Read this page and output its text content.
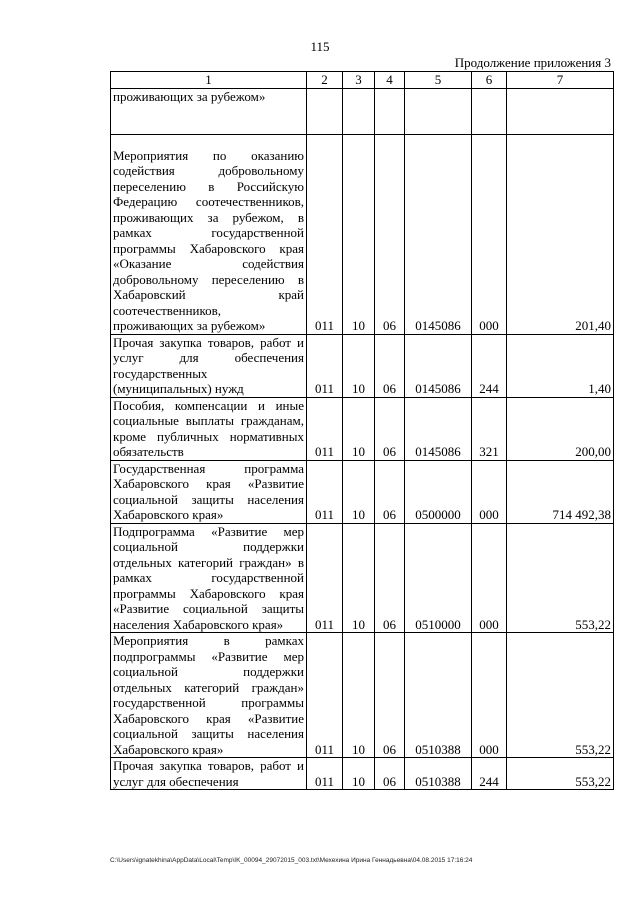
115
Продолжение приложения 3
1	2	3	4	5	6	7
проживающих за рубежом»						
Мероприятия по оказанию содействия добровольному переселению в Российскую Федерацию соотечественников, проживающих за рубежом, в рамках государственной программы Хабаровского края «Оказание содействия добровольному переселению в Хабаровский край соотечественников, проживающих за рубежом»	011	10	06	0145086	000	201,40
Прочая закупка товаров, работ и услуг для обеспечения государственных (муниципальных) нужд	011	10	06	0145086	244	1,40
Пособия, компенсации и иные социальные выплаты гражданам, кроме публичных нормативных обязательств	011	10	06	0145086	321	200,00
Государственная программа Хабаровского края «Развитие социальной защиты населения Хабаровского края»	011	10	06	0500000	000	714 492,38
Подпрограмма «Развитие мер социальной поддержки отдельных категорий граждан» в рамках государственной программы Хабаровского края «Развитие социальной защиты населения Хабаровского края»	011	10	06	0510000	000	553,22
Мероприятия в рамках подпрограммы «Развитие мер социальной поддержки отдельных категорий граждан» государственной программы Хабаровского края «Развитие социальной защиты населения Хабаровского края»	011	10	06	0510388	000	553,22
Прочая закупка товаров, работ и услуг для обеспечения	011	10	06	0510388	244	553,22
C:\Users\ignatekhina\AppData\Local\Temp\IK_00094_29072015_003.txt\Мехехина Ирина Геннадьевна\04.08.2015 17:16:24
